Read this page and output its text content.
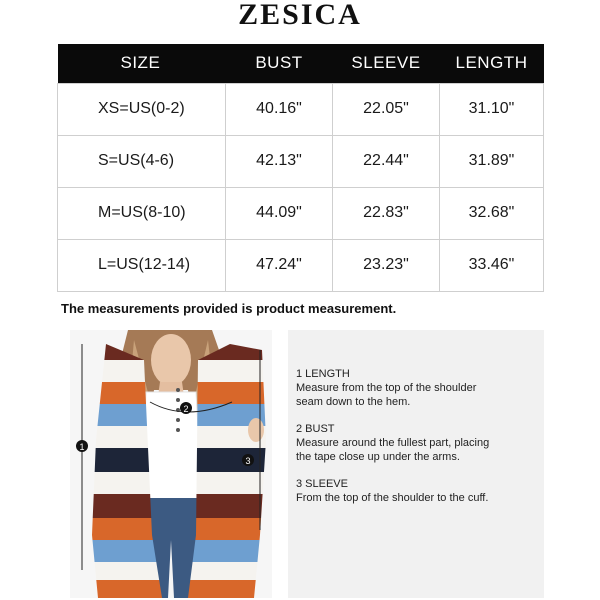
ZESICA
SIZE	BUST	SLEEVE	LENGTH
XS=US(0-2)	40.16"	22.05"	31.10"
S=US(4-6)	42.13"	22.44"	31.89"
M=US(8-10)	44.09"	22.83"	32.68"
L=US(12-14)	47.24"	23.23"	33.46"
The measurements provided is product measurement.
1
2
3
1 LENGTH
Measure from the top of the shoulder
seam down to the hem.
2 BUST
Measure around the fullest part, placing
the tape close up under the arms.
3 SLEEVE
From the top of the shoulder to the cuff.
